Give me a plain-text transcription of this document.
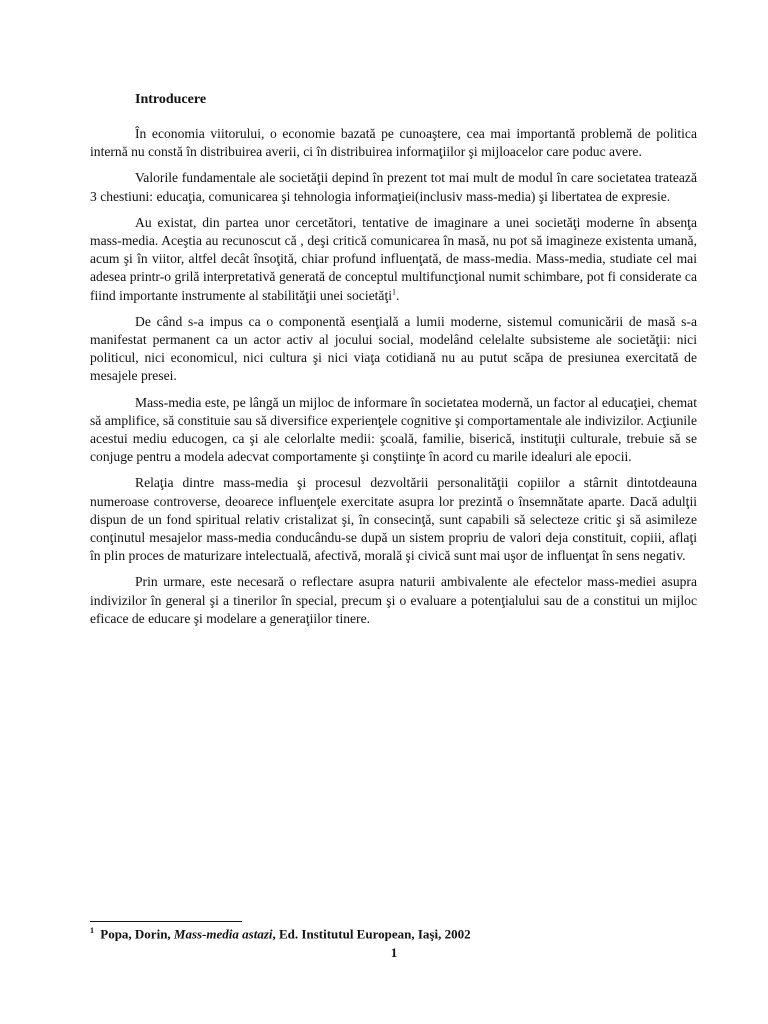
Introducere

În economia viitorului, o economie bazată pe cunoaştere, cea mai importantă problemă de politica internă nu constă în distribuirea averii, ci în distribuirea informaţiilor şi mijloacelor care poduc avere.

Valorile fundamentale ale societăţii depind în prezent tot mai mult de modul în care societatea tratează 3 chestiuni: educaţia, comunicarea şi tehnologia informaţiei(inclusiv mass-media) şi libertatea de expresie.

Au existat, din partea unor cercetători, tentative de imaginare a unei societăţi moderne în absenţa mass-media. Aceştia au recunoscut că , deşi critică comunicarea în masă, nu pot să imagineze existenta umană, acum şi în viitor, altfel decât însoţită, chiar profund influenţată, de mass-media. Mass-media, studiate cel mai adesea printr-o grilă interpretativă generată de conceptul multifuncţional numit schimbare, pot fi considerate ca fiind importante instrumente al stabilităţii unei societăţi$^1$.

De când s-a impus ca o componentă esenţială a lumii moderne, sistemul comunicării de masă s-a manifestat permanent ca un actor activ al jocului social, modelând celelalte subsisteme ale societăţii: nici politicul, nici economicul, nici cultura şi nici viaţa cotidiană nu au putut scăpa de presiunea exercitată de mesajele presei.

Mass-media este, pe lângă un mijloc de informare în societatea modernă, un factor al educaţiei, chemat să amplifice, să constituie sau să diversifice experienţele cognitive şi comportamentale ale indivizilor. Acţiunile acestui mediu educogen, ca şi ale celorlalte medii: şcoală, familie, biserică, instituţii culturale, trebuie să se conjuge pentru a modela adecvat comportamente şi conştiinţe în acord cu marile idealuri ale epocii.

Relaţia dintre mass-media şi procesul dezvoltării personalităţii copiilor a stârnit dintotdeauna numeroase controverse, deoarece influenţele exercitate asupra lor prezintă o însemnătate aparte. Dacă adulţii dispun de un fond spiritual relativ cristalizat şi, în consecinţă, sunt capabili să selecteze critic şi să asimileze conţinutul mesajelor mass-media conducându-se după un sistem propriu de valori deja constituit, copiii, aflaţi în plin proces de maturizare intelectuală, afectivă, morală şi civică sunt mai uşor de influenţat în sens negativ.

Prin urmare, este necesară o reflectare asupra naturii ambivalente ale efectelor mass-mediei asupra indivizilor în general şi a tinerilor în special, precum şi o evaluare a potenţialului sau de a constitui un mijloc eficace de educare şi modelare a generaţiilor tinere.

$^1$ Popa, Dorin, Mass-media astazi, Ed. Institutul European, Iaşi, 2002
1
